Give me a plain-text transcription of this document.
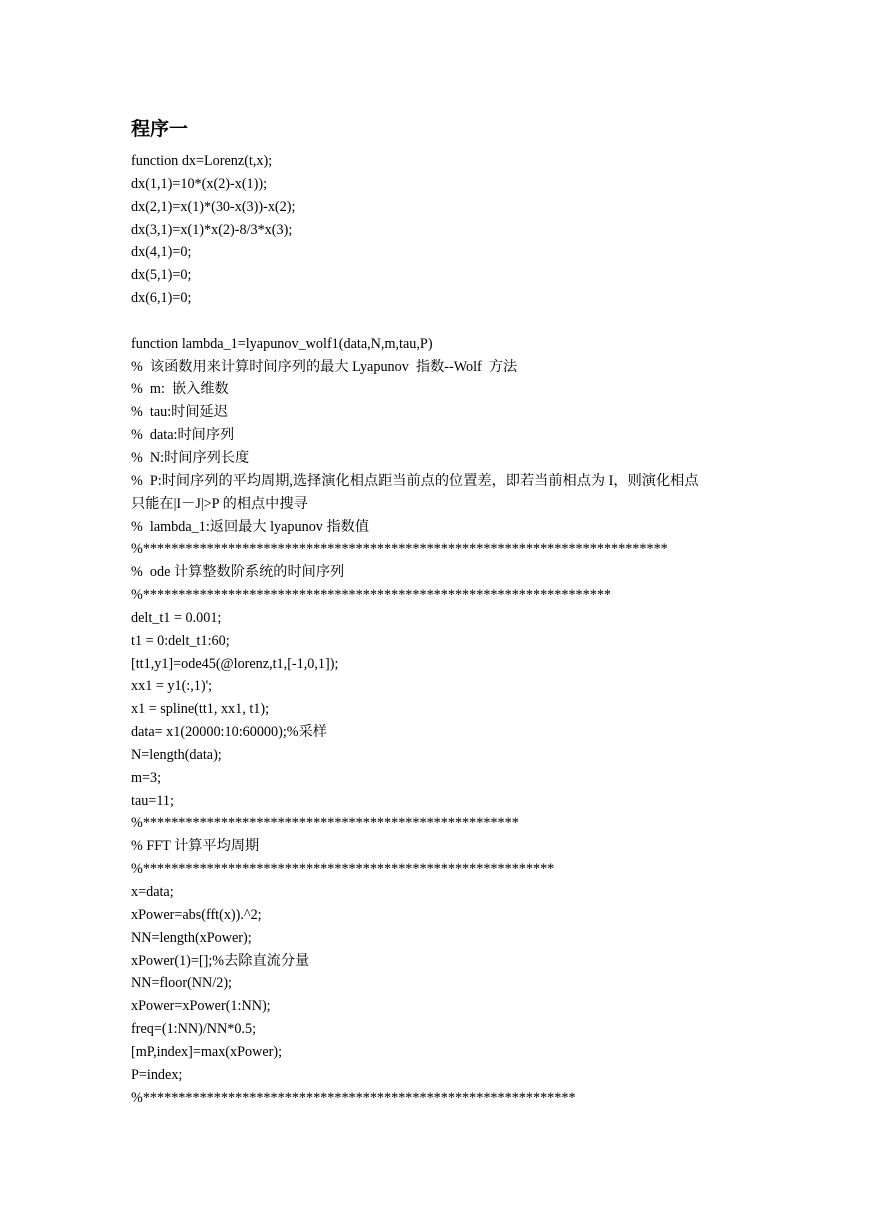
程序一
function dx=Lorenz(t,x);
dx(1,1)=10*(x(2)-x(1));
dx(2,1)=x(1)*(30-x(3))-x(2);
dx(3,1)=x(1)*x(2)-8/3*x(3);
dx(4,1)=0;
dx(5,1)=0;
dx(6,1)=0;
function lambda_1=lyapunov_wolf1(data,N,m,tau,P)
%  该函数用来计算时间序列的最大 Lyapunov  指数--Wolf  方法
%  m:  嵌入维数
%  tau:时间延迟
%  data:时间序列
%  N:时间序列长度
%  P:时间序列的平均周期,选择演化相点距当前点的位置差，即若当前相点为 I，则演化相点
只能在|I－J|>P 的相点中搜寻
%  lambda_1:返回最大 lyapunov 指数值
%**************************************************************************
%  ode 计算整数阶系统的时间序列
%******************************************************************
delt_t1 = 0.001;
t1 = 0:delt_t1:60;
[tt1,y1]=ode45(@lorenz,t1,[-1,0,1]);
xx1 = y1(:,1)';
x1 = spline(tt1, xx1, t1);
data= x1(20000:10:60000);%采样
N=length(data);
m=3;
tau=11;
%*****************************************************
% FFT 计算平均周期
%**********************************************************
x=data;
xPower=abs(fft(x)).^2;
NN=length(xPower);
xPower(1)=[];%去除直流分量
NN=floor(NN/2);
xPower=xPower(1:NN);
freq=(1:NN)/NN*0.5;
[mP,index]=max(xPower);
P=index;
%*************************************************************
